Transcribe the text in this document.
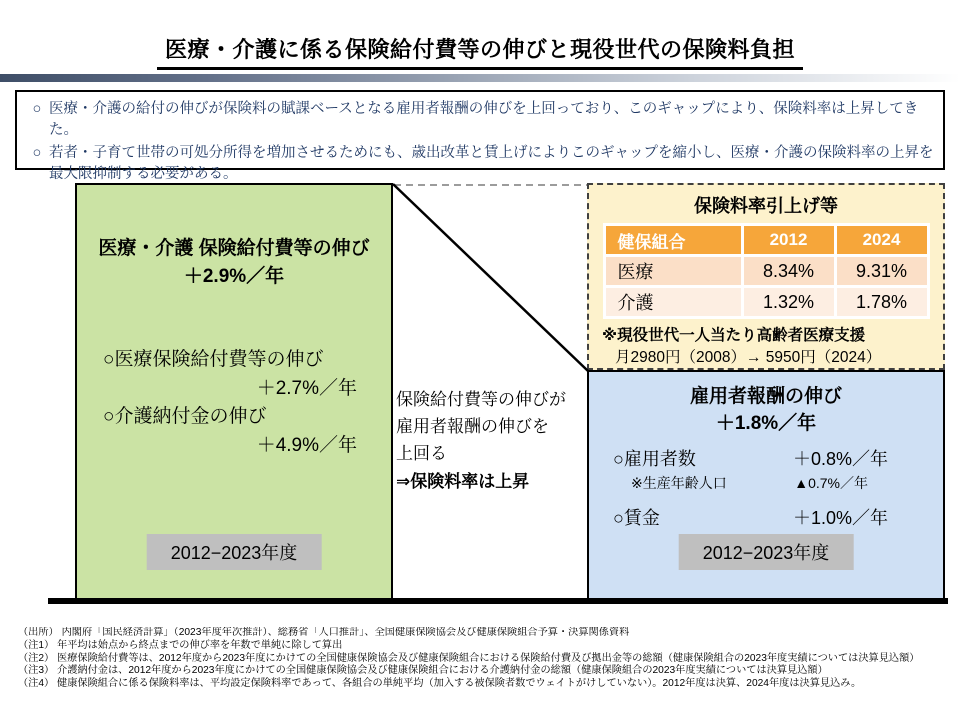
医療・介護に係る保険給付費等の伸びと現役世代の保険料負担
○ 医療・介護の給付の伸びが保険料の賦課ベースとなる雇用者報酬の伸びを上回っており、このギャップにより、保険料率は上昇してきた。
○ 若者・子育て世帯の可処分所得を増加させるためにも、歳出改革と賃上げによりこのギャップを縮小し、医療・介護の保険料率の上昇を最大限抑制する必要がある。
医療・介護 保険給付費等の伸び
＋2.9%／年
○医療保険給付費等の伸び
＋2.7%／年
○介護納付金の伸び
＋4.9%／年
2012−2023年度
保険給付費等の伸びが
雇用者報酬の伸びを
上回る
⇒保険料率は上昇
保険料率引上げ等
健保組合	2012	2024
医療	8.34%	9.31%
介護	1.32%	1.78%
※現役世代一人当たり高齢者医療支援
月2980円（2008）→ 5950円（2024）
雇用者報酬の伸び
＋1.8%／年
○雇用者数	＋0.8%／年
※生産年齢人口	▲0.7%／年
○賃金	＋1.0%／年
2012−2023年度
（出所） 内閣府「国民経済計算」（2023年度年次推計）、総務省「人口推計」、全国健康保険協会及び健康保険組合予算・決算関係資料
（注1） 年平均は始点から終点までの伸び率を年数で単純に除して算出
（注2） 医療保険給付費等は、2012年度から2023年度にかけての全国健康保険協会及び健康保険組合における保険給付費及び拠出金等の総額（健康保険組合の2023年度実績については決算見込額）
（注3） 介護納付金は、2012年度から2023年度にかけての全国健康保険協会及び健康保険組合における介護納付金の総額（健康保険組合の2023年度実績については決算見込額）
（注4） 健康保険組合に係る保険料率は、平均設定保険料率であって、各組合の単純平均（加入する被保険者数でウェイトがけしていない）。2012年度は決算、2024年度は決算見込み。
